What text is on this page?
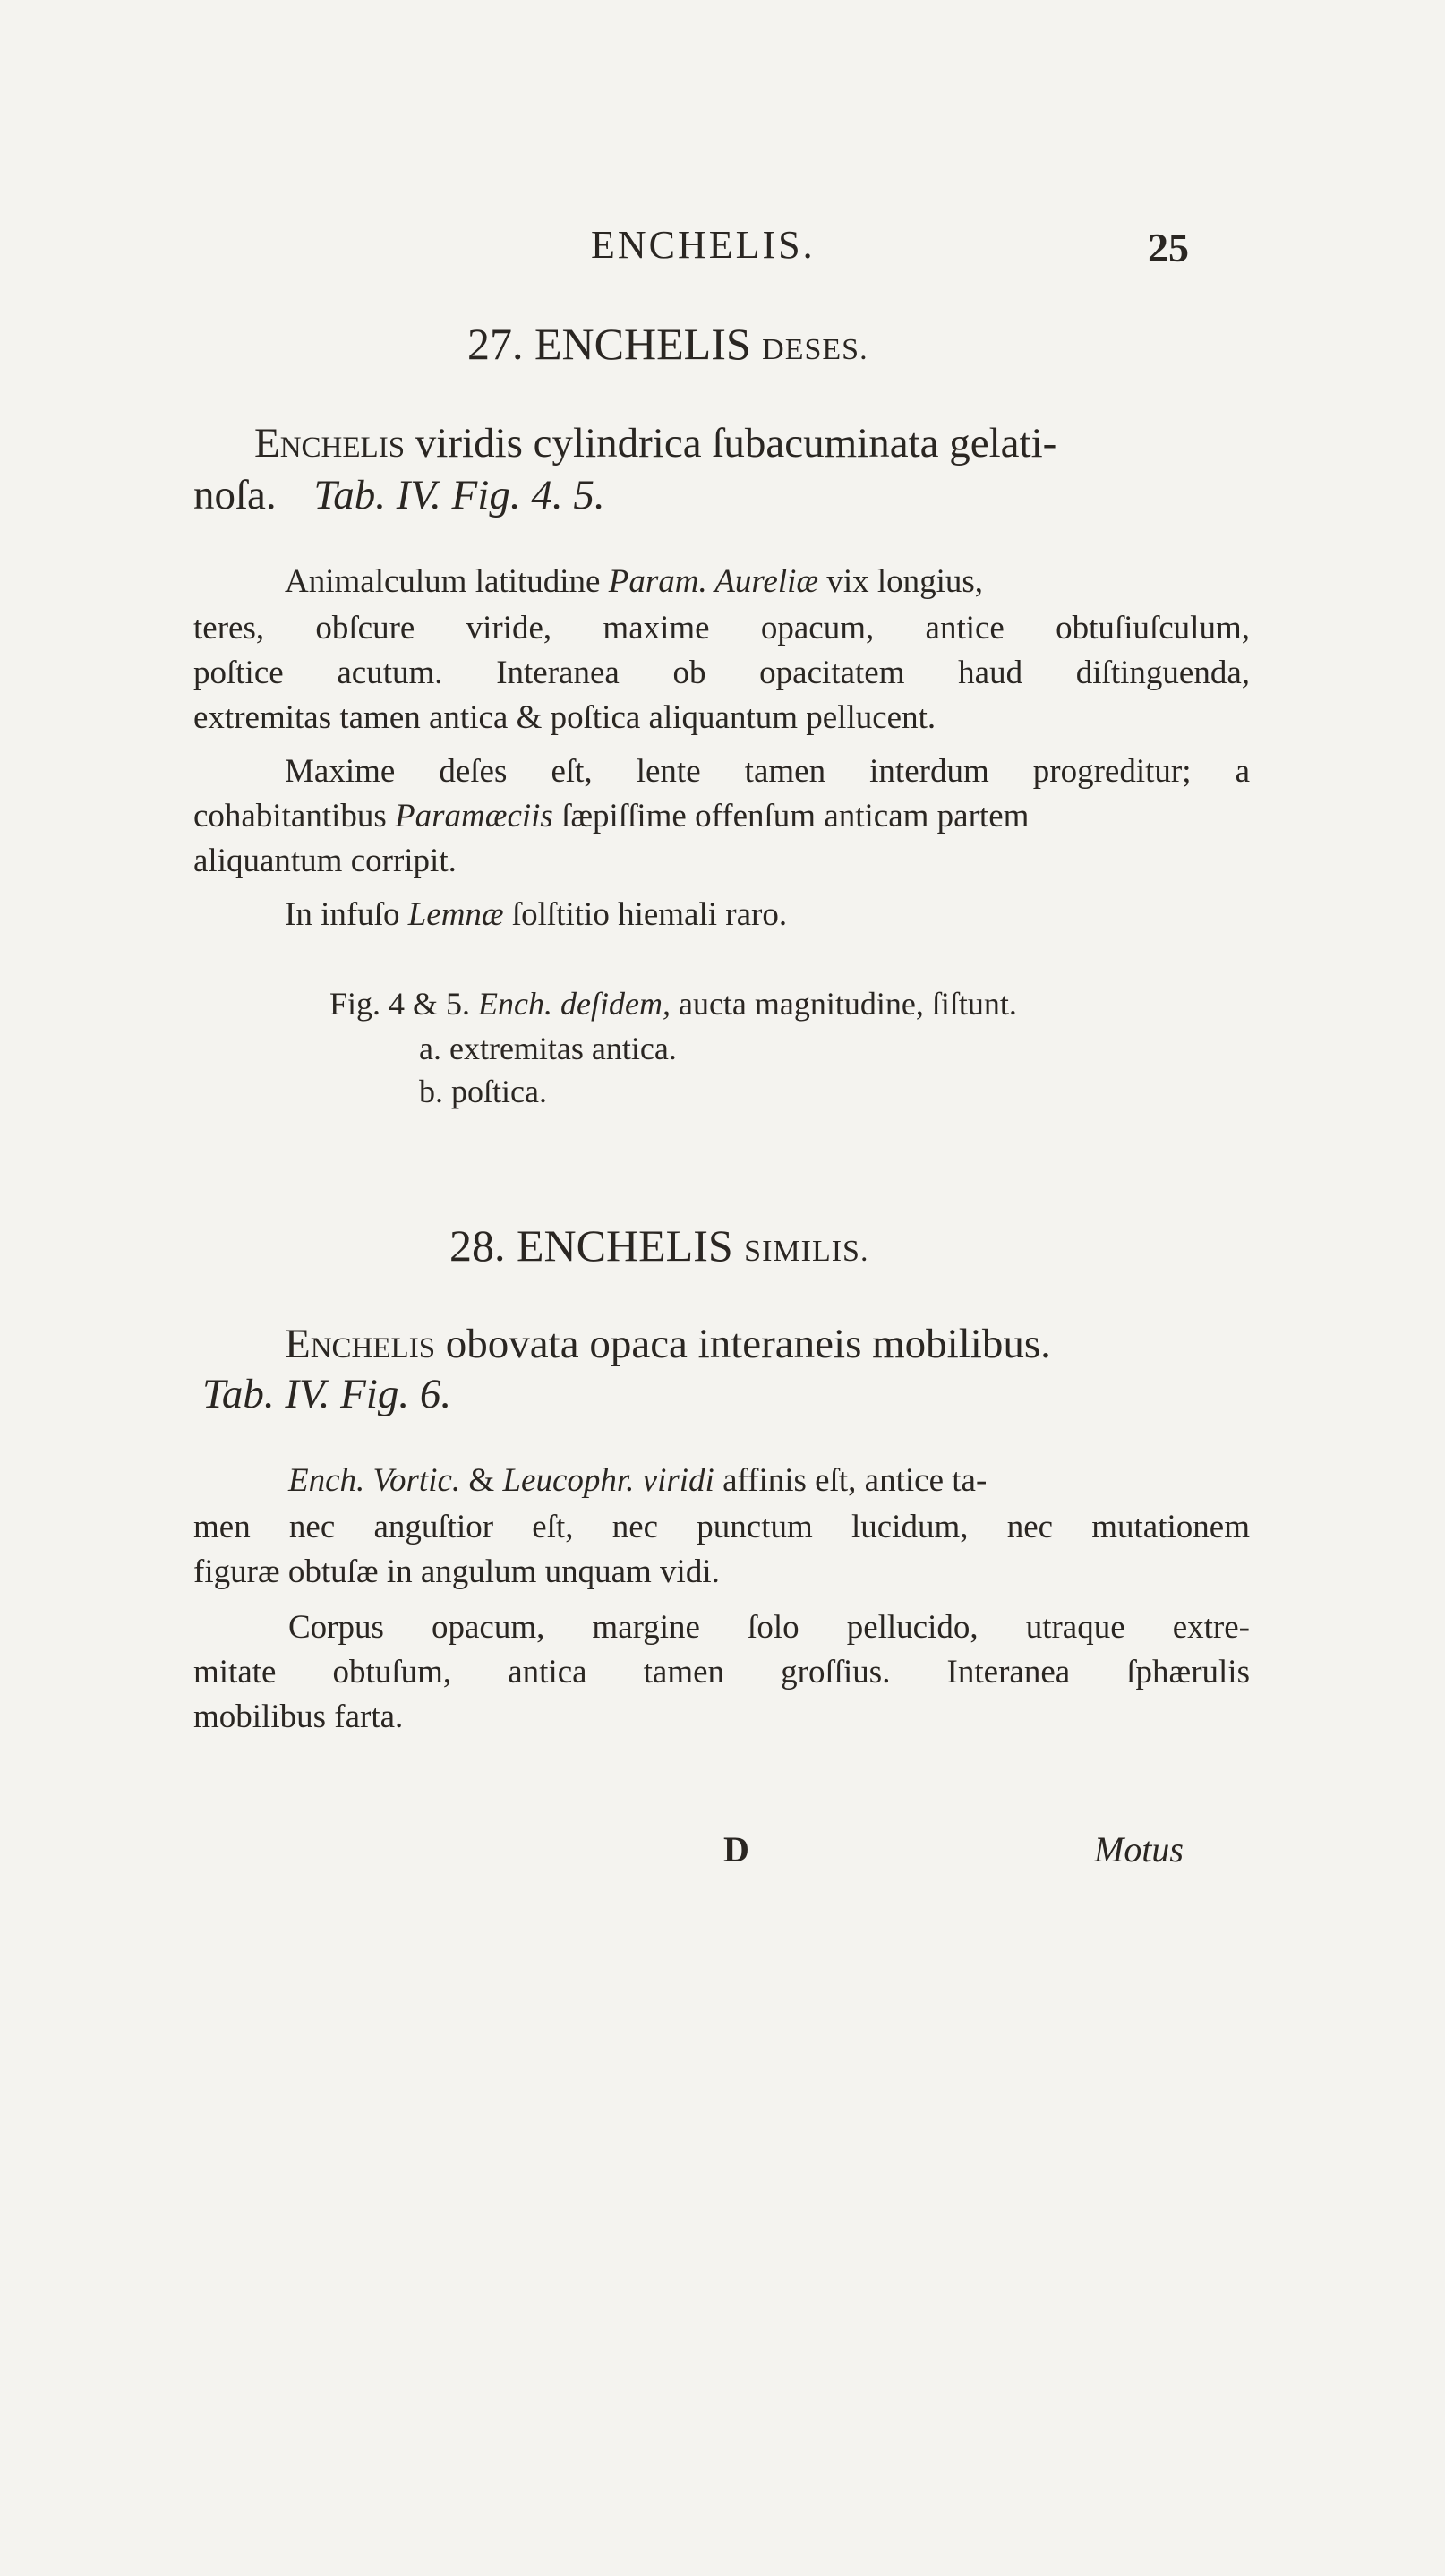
ENCHELIS.	25
27. ENCHELIS DESES.
Enchelis viridis cylindrica ſubacuminata gelati-
noſa. Tab. IV. Fig. 4. 5.
Animalculum latitudine Param. Aureliæ vix longius,
teres, obſcure viride, maxime opacum, antice obtuſiuſculum,
poſtice acutum. Interanea ob opacitatem haud diſtinguenda,
extremitas tamen antica & poſtica aliquantum pellucent.
Maxime deſes eſt, lente tamen interdum progreditur; a
cohabitantibus Paramæciis ſæpiſſime offenſum anticam partem
aliquantum corripit.
In infuſo Lemnæ ſolſtitio hiemali raro.
Fig. 4 & 5. Ench. deſidem, aucta magnitudine, ſiſtunt.
a. extremitas antica.
b. poſtica.
28. ENCHELIS SIMILIS.
Enchelis obovata opaca interaneis mobilibus.
Tab. IV. Fig. 6.
Ench. Vortic. & Leucophr. viridi affinis eſt, antice ta-
men nec anguſtior eſt, nec punctum lucidum, nec mutationem
figuræ obtuſæ in angulum unquam vidi.
Corpus opacum, margine ſolo pellucido, utraque extre-
mitate obtuſum, antica tamen groſſius. Interanea ſphærulis
mobilibus farta.
D	Motus
